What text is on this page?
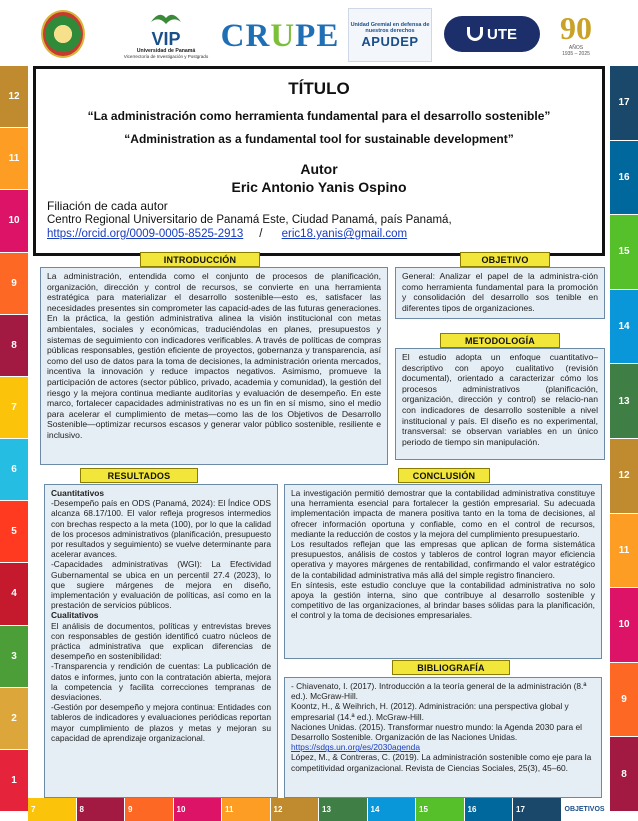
VIP
Universidad de Panamá
Vicerrectoría de Investigación y Postgrado
CR U PE Unidad Gremial en defensa de nuestros derechos
APUDEP	UTE 90
AÑOS
1935 – 2025
12
11
10
9
8
7
6
5
4
3
2
1
17
16
15
14
13
12
11
10
9
8
7	8	9	10	11	12	13	14	15	16	17	OBJETIVOS
TÍTULO
“La administración como herramienta fundamental para el desarrollo sostenible”
“Administration as a fundamental tool for sustainable development”
Autor
Eric Antonio Yanis Ospino
Filiación de cada autor
Centro Regional Universitario de Panamá Este, Ciudad Panamá, país Panamá,
https://orcid.org/0009-0005-8525-2913 / eric18.yanis@gmail.com
INTRODUCCIÓN

La administración, entendida como el conjunto de procesos de planificación, organización, dirección y control de recursos, se convierte en una herramienta estratégica para materializar el desarrollo sostenible—esto es, satisfacer las necesidades presentes sin comprometer las capacid-ades de las futuras generaciones. En la práctica, la gestión administrativa alinea la visión institucional con metas ambientales, sociales y económicas, traduciéndolas en planes, presupuestos y sistemas de seguimiento con indicadores verificables. A través de políticas de compras públicas responsables, gestión eficiente de proyectos, gobernanza y transparencia, así como del uso de datos para la toma de decisiones, la administración orienta mercados, incentiva la innovación y reduce impactos negativos. Asimismo, promueve la participación de actores (sector público, privado, academia y comunidad), la gestión del riesgo y la mejora continua mediante auditorías y evaluación de desempeño. En este marco, fortalecer capacidades administrativas no es un fin en sí mismo, sino el medio para acelerar el cumplimiento de metas—como las de los Objetivos de Desarrollo Sostenible—optimizar recursos escasos y generar valor público sostenible, resiliente e inclusivo.

OBJETIVO

General: Analizar el papel de la administra-ción como herramienta fundamental para la promoción y consolidación del desarrollo sos tenible en diferentes tipos de organizaciones.

METODOLOGÍA

El estudio adopta un enfoque cuantitativo–descriptivo con apoyo cualitativo (revisión documental), orientado a caracterizar cómo los procesos administrativos (planificación, organización, dirección y control) se relacio-nan con indicadores de desarrollo sostenible a nivel institucional y país. El diseño es no experimental, transversal: se observan variables en un único periodo de tiempo sin manipulación.

RESULTADOS

Cuantitativos

-Desempeño país en ODS (Panamá, 2024): El Índice ODS alcanza 68.17/100. El valor refleja progresos intermedios con brechas respecto a la meta (100), por lo que la calidad de los procesos administrativos (planificación, presupuesto por resultados y seguimiento) se vuelve determinante para acelerar avances.

-Capacidades administrativas (WGI): La Efectividad Gubernamental se ubica en un percentil 27.4 (2023), lo que sugiere márgenes de mejora en diseño, implementación y evaluación de políticas, así como en la prestación de servicios públicos.

Cualitativos

El análisis de documentos, políticas y entrevistas breves con responsables de gestión identificó cuatro núcleos de práctica administrativa que explican diferencias de desempeño en sostenibilidad:

-Transparencia y rendición de cuentas: La publicación de datos e informes, junto con la contratación abierta, mejora la competencia y facilita correcciones tempranas de desviaciones.

-Gestión por desempeño y mejora continua: Entidades con tableros de indicadores y evaluaciones periódicas reportan mayor cumplimiento de plazos y metas y mejoran su capacidad de aprendizaje organizacional.

CONCLUSIÓN

La investigación permitió demostrar que la contabilidad administrativa constituye una herramienta esencial para fortalecer la gestión empresarial. Su adecuada implementación impacta de manera positiva tanto en la toma de decisiones, al ofrecer información oportuna y confiable, como en el control de recursos, mediante la reducción de costos y la mejora del cumplimiento presupuestario.

Los resultados reflejan que las empresas que aplican de forma sistemática presupuestos, análisis de costos y tableros de control logran mayor eficiencia operativa y mayores márgenes de rentabilidad, confirmando el valor estratégico de la contabilidad administrativa más allá del simple registro financiero.

En síntesis, este estudio concluye que la contabilidad administrativa no solo apoya la gestión interna, sino que contribuye al desarrollo sostenible y competitivo de las organizaciones, al brindar bases sólidas para la planificación, el control y la toma de decisiones empresariales.

BIBLIOGRAFÍA

- Chiavenato, I. (2017). Introducción a la teoría general de la administración (8.ª ed.). McGraw-Hill.

Koontz, H., & Weihrich, H. (2012). Administración: una perspectiva global y empresarial (14.ª ed.). McGraw-Hill.

Naciones Unidas. (2015). Transformar nuestro mundo: la Agenda 2030 para el Desarrollo Sostenible. Organización de las Naciones Unidas.

https://sdgs.un.org/es/2030agenda

López, M., & Contreras, C. (2019). La administración sostenible como eje para la competitividad organizacional. Revista de Ciencias Sociales, 25(3), 45–60.
